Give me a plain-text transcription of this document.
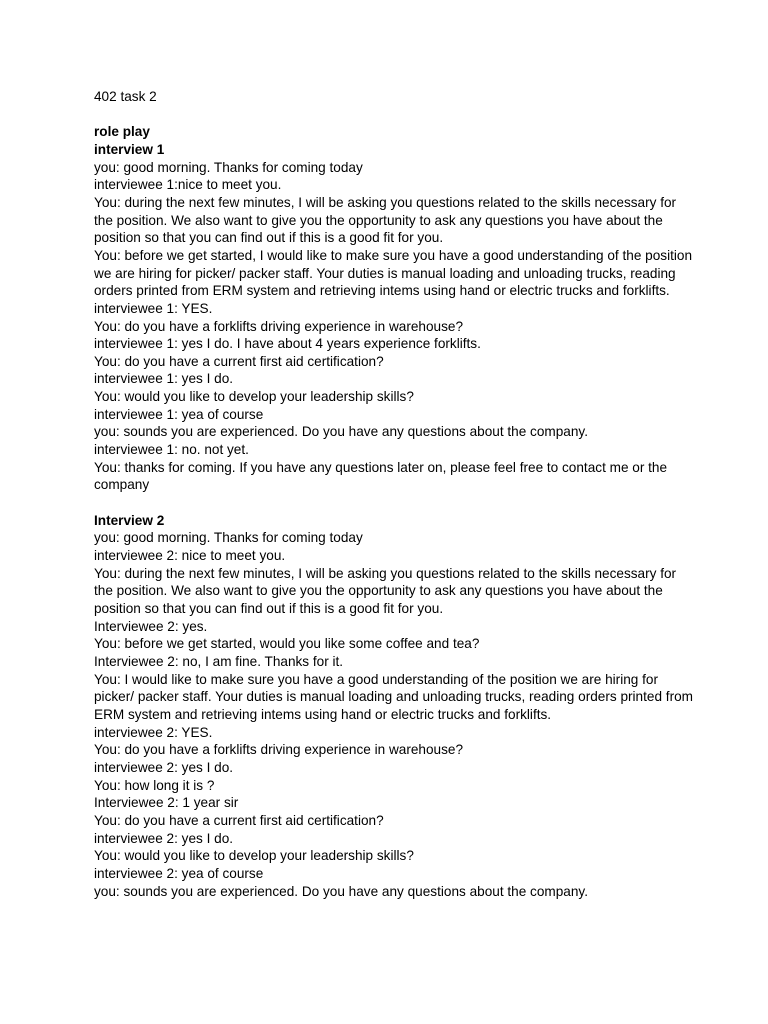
402 task 2

role play

interview 1

you: good morning. Thanks for coming today

interviewee 1:nice to meet you.

You: during the next few minutes, I will be asking you questions related to the skills necessary for the position. We also want to give you the opportunity to ask any questions you have about the position so that you can find out if this is a good fit for you.

You: before we get started, I would like to make sure you have a good understanding of the position we are hiring for picker/ packer staff. Your duties is manual loading and unloading trucks, reading orders printed from ERM system and retrieving intems using hand or electric trucks and forklifts.

interviewee 1: YES.

You: do you have a forklifts driving experience in warehouse?

interviewee 1: yes I do. I have about 4 years experience forklifts.

You: do you have a current first aid certification?

interviewee 1: yes I do.

You: would you like to develop your leadership skills?

interviewee 1: yea of course

you: sounds you are experienced. Do you have any questions about the company.

interviewee 1: no. not yet.

You: thanks for coming. If you have any questions later on, please feel free to contact me or the company

Interview 2

you: good morning. Thanks for coming today

interviewee 2: nice to meet you.

You: during the next few minutes, I will be asking you questions related to the skills necessary for the position. We also want to give you the opportunity to ask any questions you have about the position so that you can find out if this is a good fit for you.

Interviewee 2: yes.

You: before we get started, would you like some coffee and tea?

Interviewee 2: no, I am fine. Thanks for it.

You: I would like to make sure you have a good understanding of the position we are hiring for picker/ packer staff. Your duties is manual loading and unloading trucks, reading orders printed from ERM system and retrieving intems using hand or electric trucks and forklifts.

interviewee 2: YES.

You: do you have a forklifts driving experience in warehouse?

interviewee 2: yes I do.

You: how long it is ?

Interviewee 2: 1 year sir

You: do you have a current first aid certification?

interviewee 2: yes I do.

You: would you like to develop your leadership skills?

interviewee 2: yea of course

you: sounds you are experienced. Do you have any questions about the company.
